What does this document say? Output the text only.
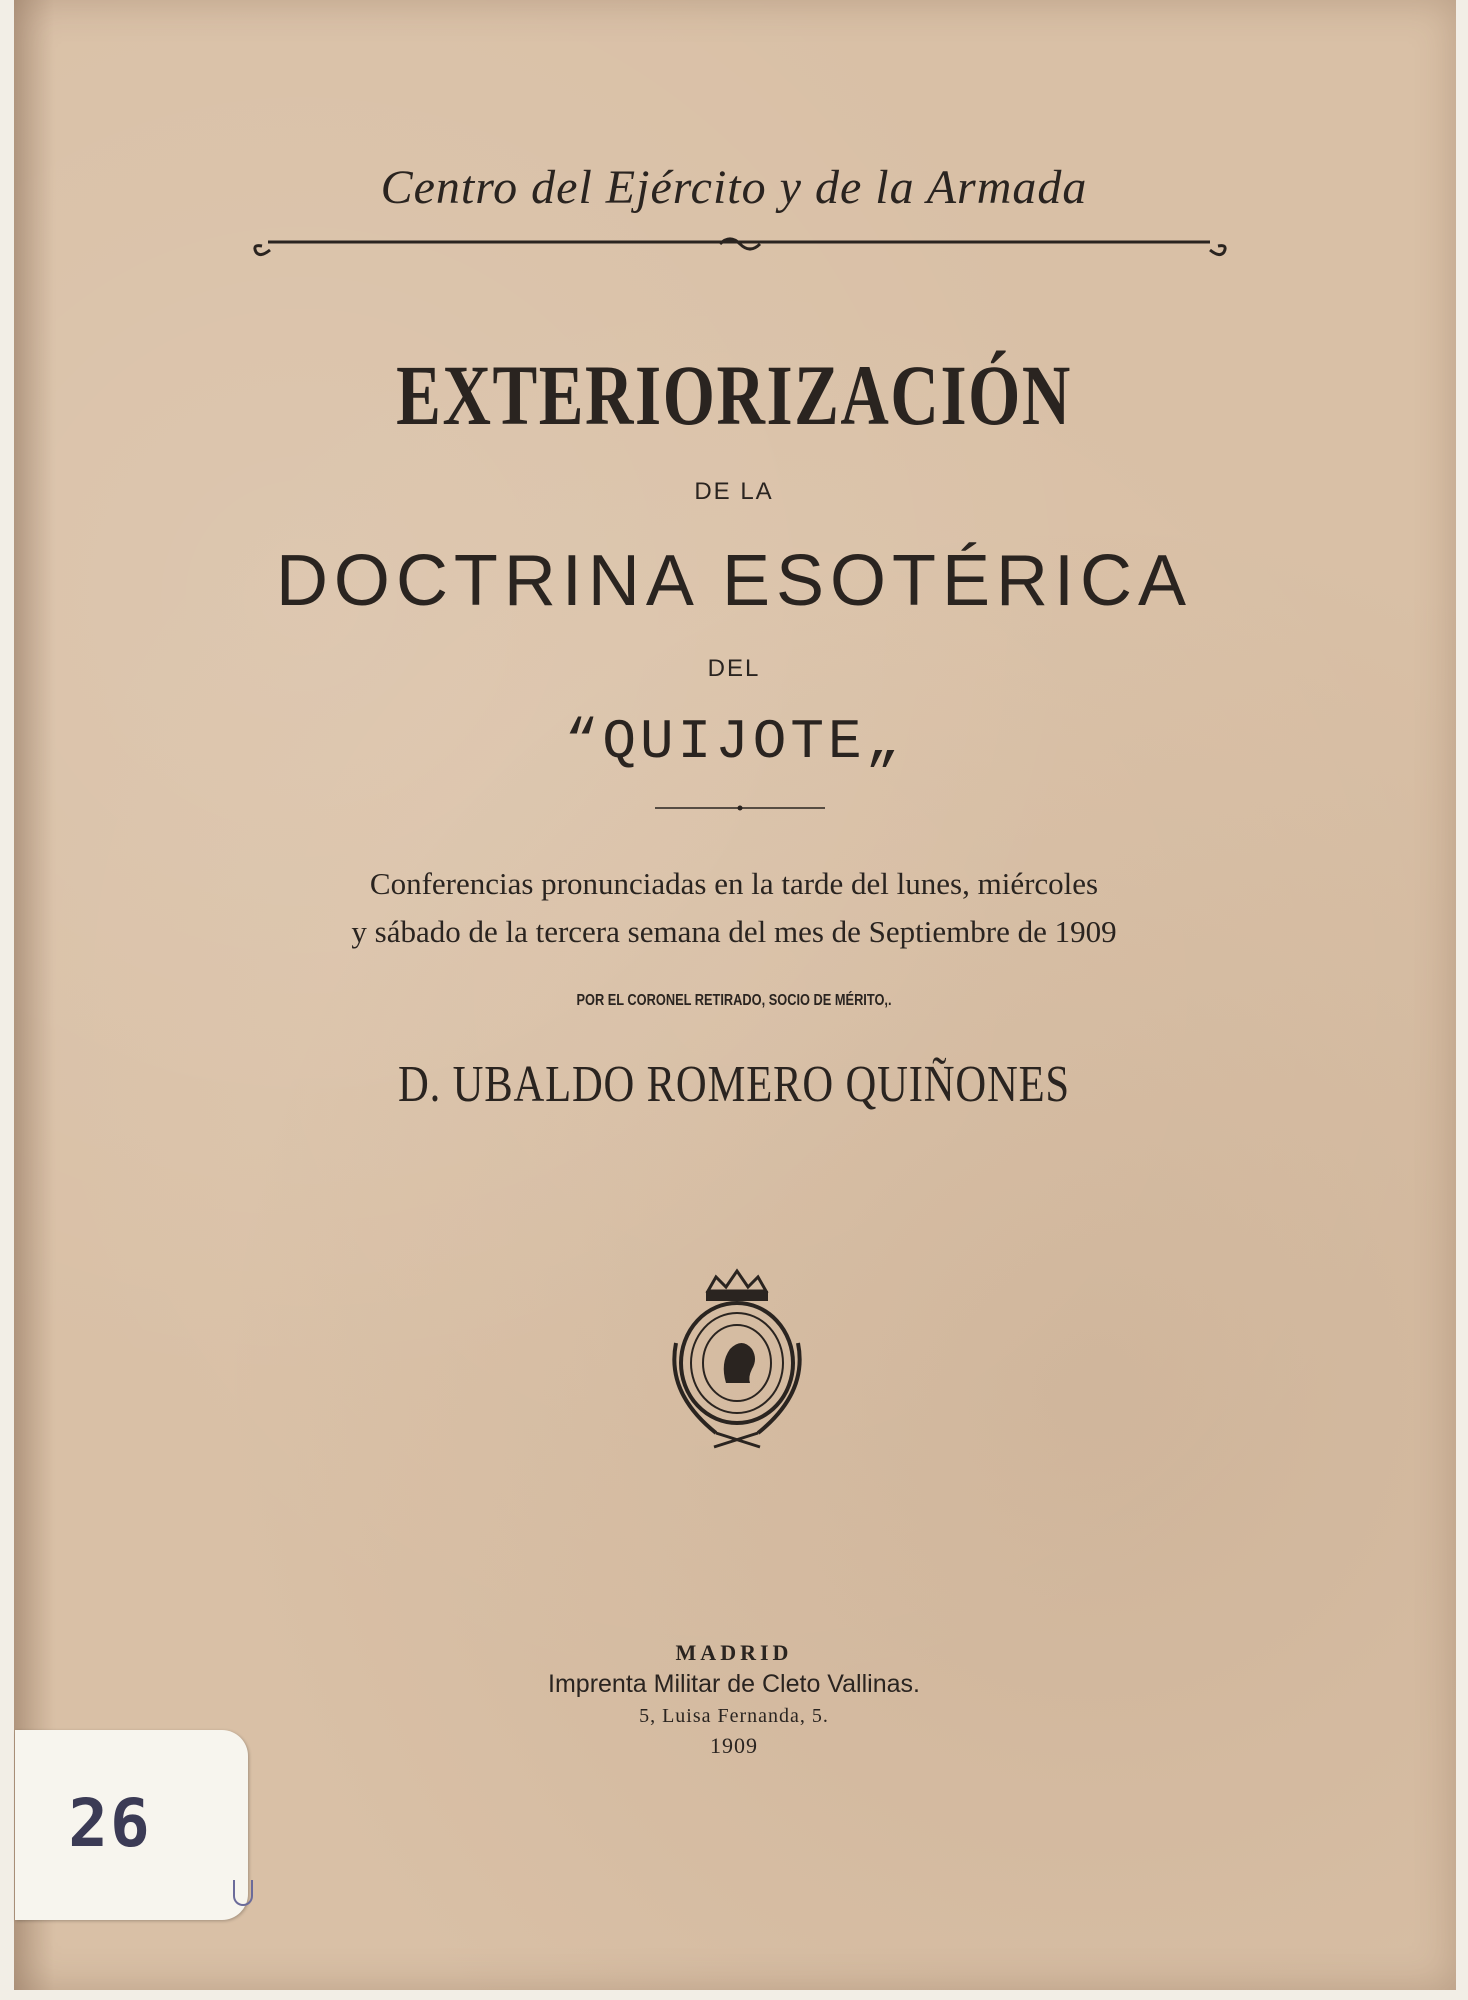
Centro del Ejército y de la Armada
EXTERIORIZACIÓN
DE LA
DOCTRINA ESOTÉRICA
DEL
“QUIJOTE„
Conferencias pronunciadas en la tarde del lunes, miércoles
y sábado de la tercera semana del mes de Septiembre de 1909
POR EL CORONEL RETIRADO, SOCIO DE MÉRITO,.
D. UBALDO ROMERO QUIÑONES
MADRID
Imprenta Militar de Cleto Vallinas.
5, Luisa Fernanda, 5.
1909
26
